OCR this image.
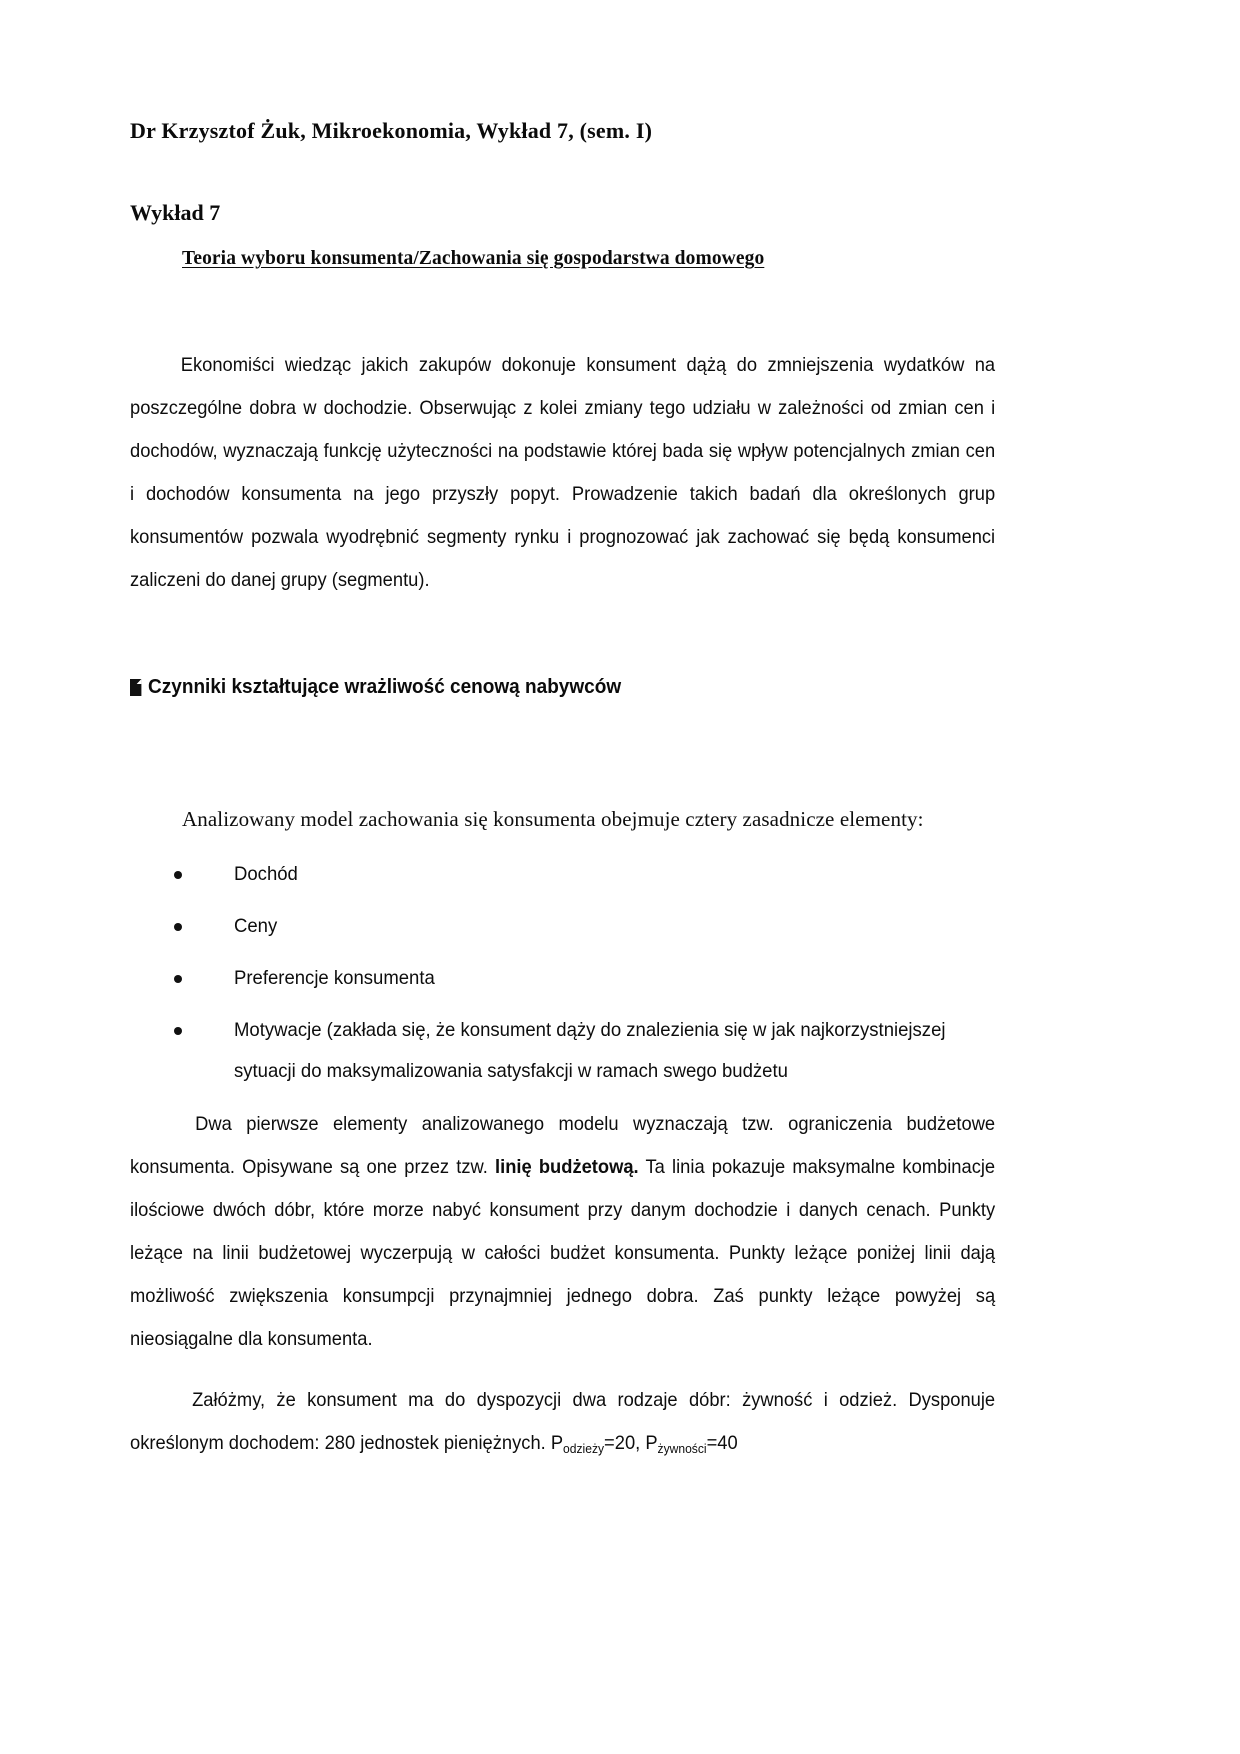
Dr Krzysztof Żuk, Mikroekonomia, Wykład 7, (sem. I)
Wykład 7
Teoria wyboru konsumenta/Zachowania się gospodarstwa domowego

Ekonomiści wiedząc jakich zakupów dokonuje konsument dążą do zmniejszenia wydatków na poszczególne dobra w dochodzie. Obserwując z kolei zmiany tego udziału w zależności od zmian cen i dochodów, wyznaczają funkcję użyteczności na podstawie której bada się wpływ potencjalnych zmian cen i dochodów konsumenta na jego przyszły popyt. Prowadzenie takich badań dla określonych grup konsumentów pozwala wyodrębnić segmenty rynku i prognozować jak zachować się będą konsumenci zaliczeni do danej grupy (segmentu).

Czynniki kształtujące wrażliwość cenową nabywców
Analizowany model zachowania się konsumenta obejmuje cztery zasadnicze elementy:
Dochód
Ceny
Preferencje konsumenta
Motywacje (zakłada się, że konsument dąży do znalezienia się w jak najkorzystniejszej sytuacji do maksymalizowania satysfakcji w ramach swego budżetu

Dwa pierwsze elementy analizowanego modelu wyznaczają tzw. ograniczenia budżetowe konsumenta. Opisywane są one przez tzw. linię budżetową. Ta linia pokazuje maksymalne kombinacje ilościowe dwóch dóbr, które morze nabyć konsument przy danym dochodzie i danych cenach. Punkty leżące na linii budżetowej wyczerpują w całości budżet konsumenta. Punkty leżące poniżej linii dają możliwość zwiększenia konsumpcji przynajmniej jednego dobra. Zaś punkty leżące powyżej są nieosiągalne dla konsumenta.

Załóżmy, że konsument ma do dyspozycji dwa rodzaje dóbr: żywność i odzież. Dysponuje określonym dochodem: 280 jednostek pieniężnych. $P_{odzieży}=20$, $P_{żywności}=40$
